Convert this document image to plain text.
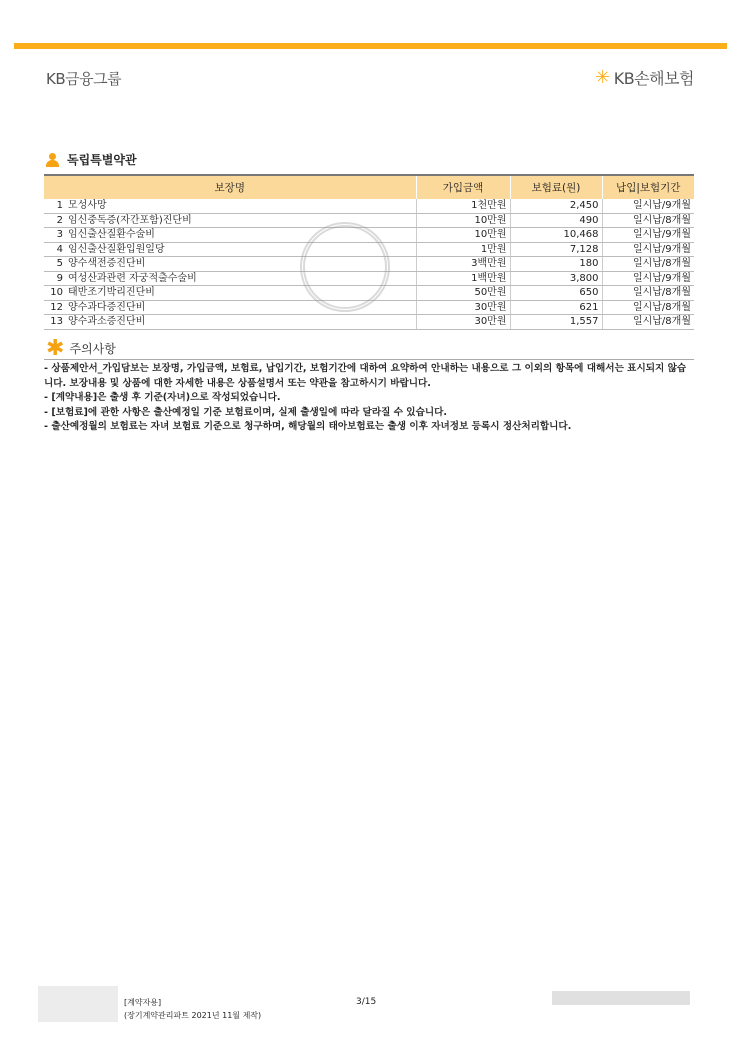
KB금융그룹	✳ KB손해보험
독립특별약관
보장명	가입금액	보험료(원)	납입|보험기간
1 모성사망	1천만원	2,450	일시납/9개월
2 임신중독증(자간포함)진단비	10만원	490	일시납/8개월
3 임신출산질환수술비	10만원	10,468	일시납/9개월
4 임신출산질환입원일당	1만원	7,128	일시납/9개월
5 양수색전증진단비	3백만원	180	일시납/8개월
9 여성산과관련 자궁적출수술비	1백만원	3,800	일시납/9개월
10 태반조기박리진단비	50만원	650	일시납/8개월
12 양수과다증진단비	30만원	621	일시납/8개월
13 양수과소증진단비	30만원	1,557	일시납/8개월
✱ 주의사항
- 상품제안서_가입담보는 보장명, 가입금액, 보험료, 납입기간, 보험기간에 대하여 요약하여 안내하는 내용으로 그 이외의 항목에 대해서는 표시되지 않습니다. 보장내용 및 상품에 대한 자세한 내용은 상품설명서 또는 약관을 참고하시기 바랍니다.
- [계약내용]은 출생 후 기준(자녀)으로 작성되었습니다.
- [보험료]에 관한 사항은 출산예정일 기준 보험료이며, 실제 출생일에 따라 달라질 수 있습니다.
- 출산예정월의 보험료는 자녀 보험료 기준으로 청구하며, 해당월의 태아보험료는 출생 이후 자녀정보 등록시 정산처리합니다.
[계약자용]
(장기계약관리파트 2021년 11월 제작)
3/15
